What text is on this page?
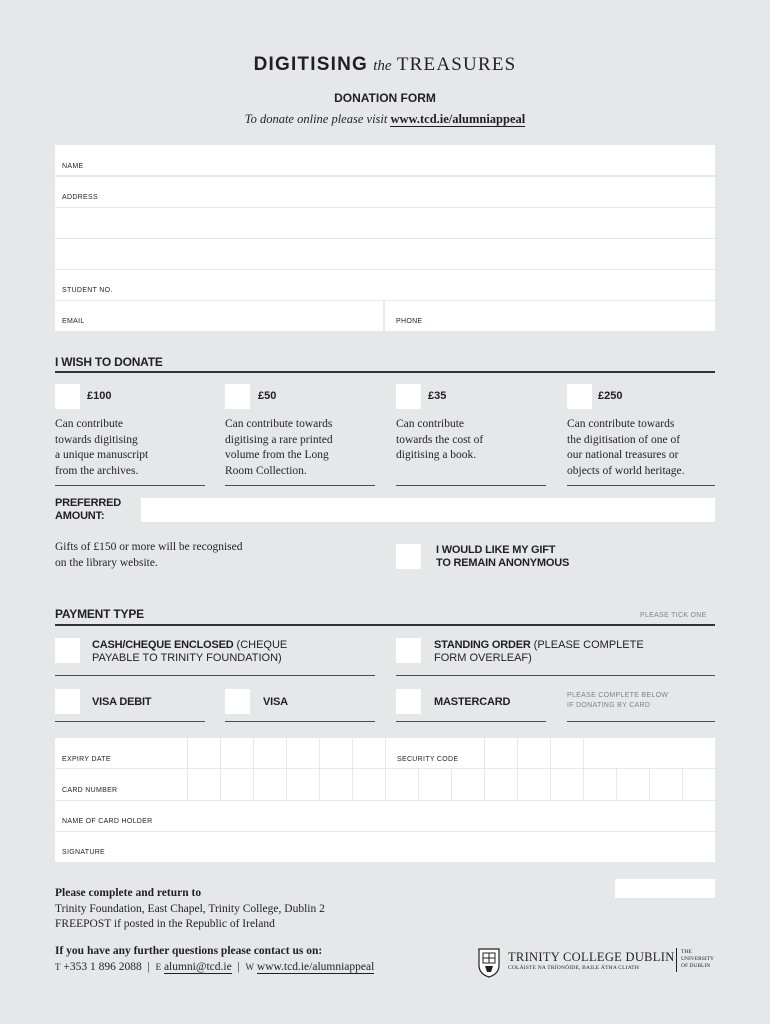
DIGITISING the TREASURES
DONATION FORM
To donate online please visit www.tcd.ie/alumniappeal
NAME
ADDRESS
STUDENT NO.
EMAIL	PHONE
I WISH TO DONATE
£100
Can contribute
towards digitising
a unique manuscript
from the archives.
£50
Can contribute towards
digitising a rare printed
volume from the Long
Room Collection.
£35
Can contribute
towards the cost of
digitising a book.
£250
Can contribute towards
the digitisation of one of
our national treasures or
objects of world heritage.
PREFERRED
AMOUNT:
Gifts of £150 or more will be recognised
on the library website.
I WOULD LIKE MY GIFT
TO REMAIN ANONYMOUS
PAYMENT TYPE	PLEASE TICK ONE
CASH/CHEQUE ENCLOSED (CHEQUE
PAYABLE TO TRINITY FOUNDATION)
STANDING ORDER (PLEASE COMPLETE
FORM OVERLEAF)
VISA DEBIT	VISA	MASTERCARD
PLEASE COMPLETE BELOW
IF DONATING BY CARD
EXPIRY DATE	SECURITY CODE
CARD NUMBER
NAME OF CARD HOLDER
SIGNATURE
Please complete and return to
Trinity Foundation, East Chapel, Trinity College, Dublin 2
FREEPOST if posted in the Republic of Ireland
If you have any further questions please contact us on:
T +353 1 896 2088  |  E alumni@tcd.ie  |  W www.tcd.ie/alumniappeal
TRINITY COLLEGE DUBLIN
COLÁISTE NA TRÍONÓIDE, BAILE ÁTHA CLIATH
THE
UNIVERSITY
OF DUBLIN
